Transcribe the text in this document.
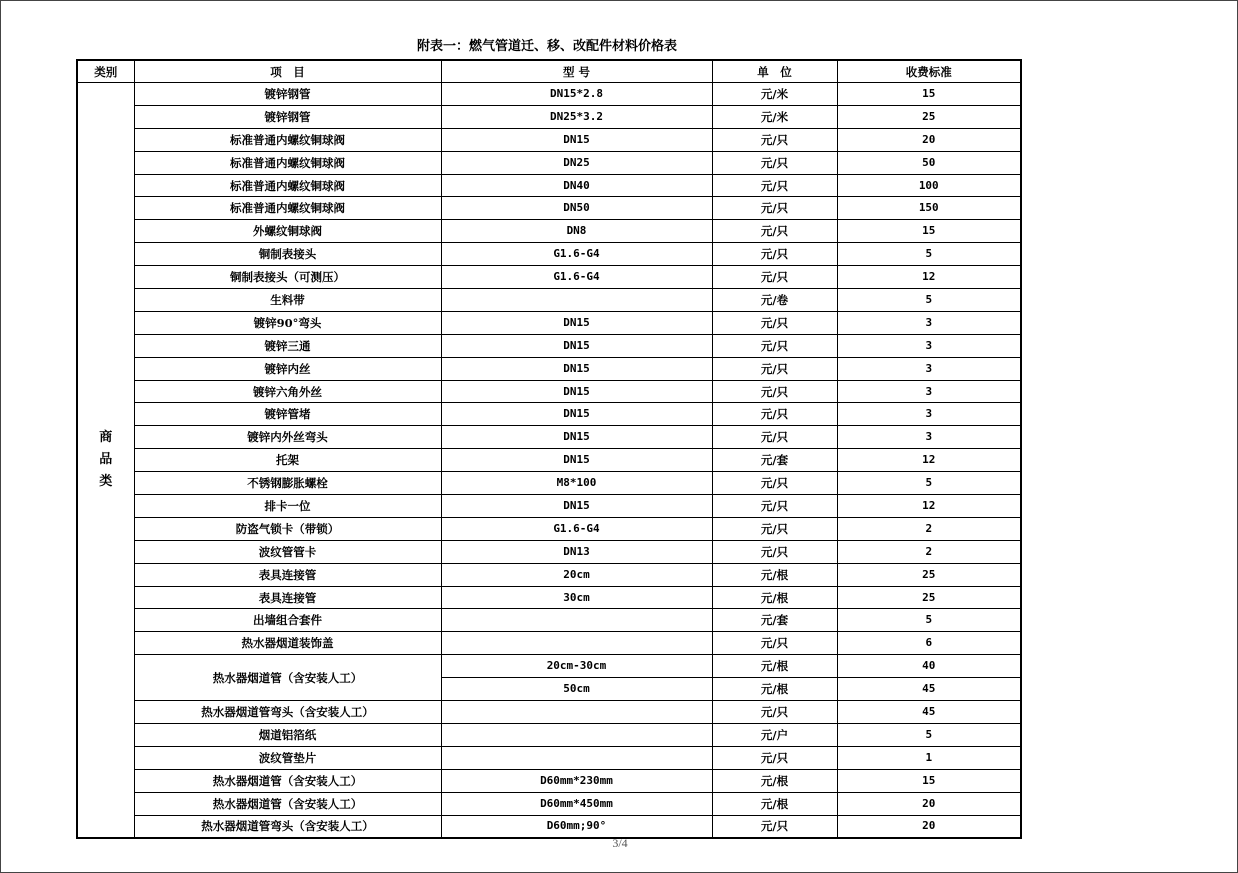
附表一：燃气管道迁、移、改配件材料价格表
类别	项　目	型 号	单　位	收费标准
商品类	镀锌钢管	DN15*2.8	元/米	15
	镀锌钢管	DN25*3.2	元/米	25
	标准普通内螺纹铜球阀	DN15	元/只	20
	标准普通内螺纹铜球阀	DN25	元/只	50
	标准普通内螺纹铜球阀	DN40	元/只	100
	标准普通内螺纹铜球阀	DN50	元/只	150
	外螺纹铜球阀	DN8	元/只	15
	铜制表接头	G1.6-G4	元/只	5
	铜制表接头（可测压）	G1.6-G4	元/只	12
	生料带		元/卷	5
	镀锌90°弯头	DN15	元/只	3
	镀锌三通	DN15	元/只	3
	镀锌内丝	DN15	元/只	3
	镀锌六角外丝	DN15	元/只	3
	镀锌管堵	DN15	元/只	3
	镀锌内外丝弯头	DN15	元/只	3
	托架	DN15	元/套	12
	不锈钢膨胀螺栓	M8*100	元/只	5
	排卡一位	DN15	元/只	12
	防盗气锁卡（带锁）	G1.6-G4	元/只	2
	波纹管管卡	DN13	元/只	2
	表具连接管	20cm	元/根	25
	表具连接管	30cm	元/根	25
	出墙组合套件		元/套	5
	热水器烟道装饰盖		元/只	6
	热水器烟道管（含安装人工）	20cm-30cm	元/根	40
		50cm	元/根	45
	热水器烟道管弯头（含安装人工）		元/只	45
	烟道铝箔纸		元/户	5
	波纹管垫片		元/只	1
	热水器烟道管（含安装人工）	D60mm*230mm	元/根	15
	热水器烟道管（含安装人工）	D60mm*450mm	元/根	20
	热水器烟道管弯头（含安装人工）	D60mm;90°	元/只	20
3/4
